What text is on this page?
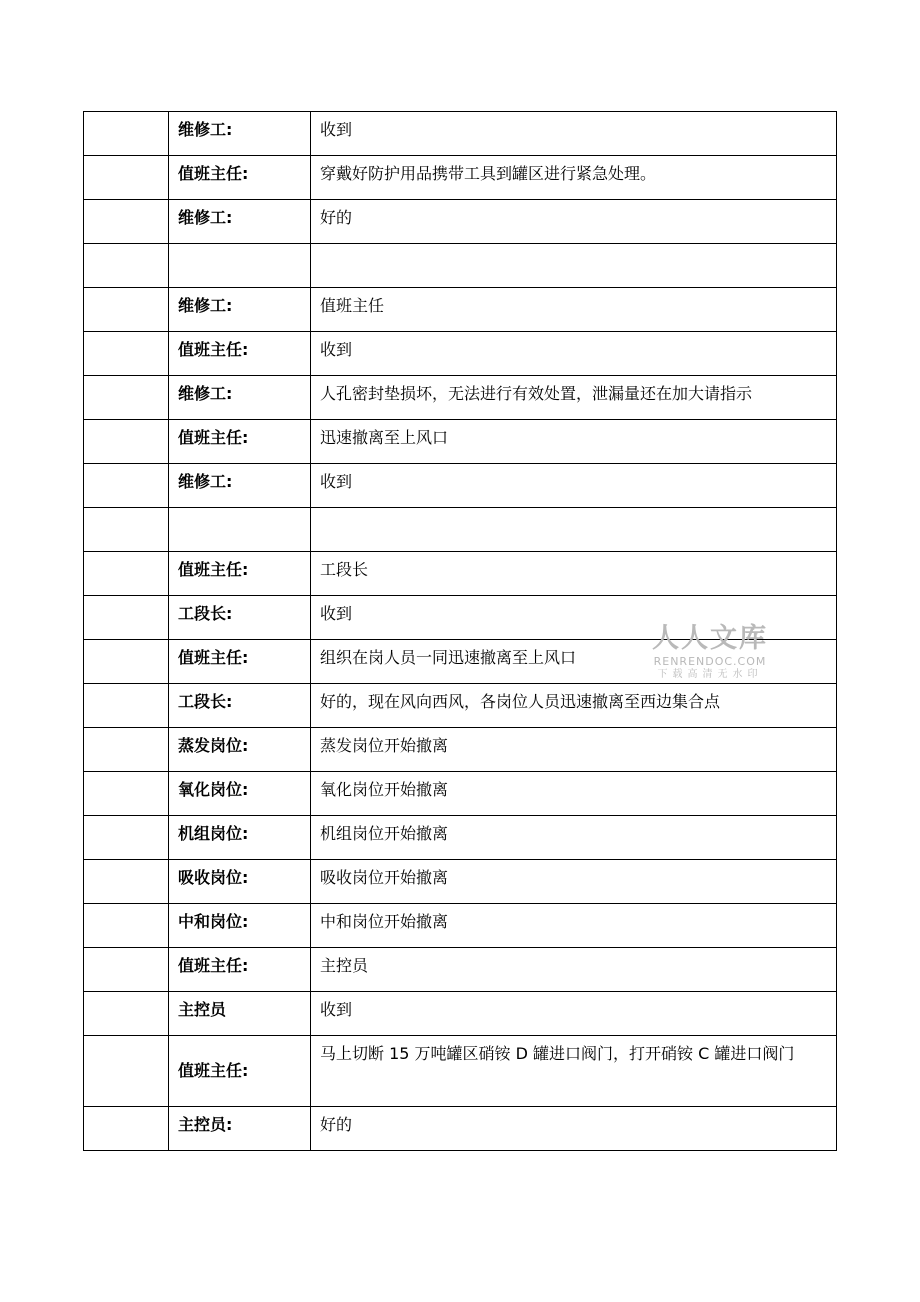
	维修工:	收到
	值班主任:	穿戴好防护用品携带工具到罐区进行紧急处理。
	维修工:	好的

	维修工:	值班主任
	值班主任:	收到
	维修工:	人孔密封垫损坏，无法进行有效处置，泄漏量还在加大请指示
	值班主任:	迅速撤离至上风口
	维修工:	收到

	值班主任:	工段长
	工段长:	收到
	值班主任:	组织在岗人员一同迅速撤离至上风口
	工段长:	好的，现在风向西风，各岗位人员迅速撤离至西边集合点
	蒸发岗位:	蒸发岗位开始撤离
	氧化岗位:	氧化岗位开始撤离
	机组岗位:	机组岗位开始撤离
	吸收岗位:	吸收岗位开始撤离
	中和岗位:	中和岗位开始撤离
	值班主任:	主控员
	主控员	收到
	值班主任:	马上切断 15 万吨罐区硝铵 D 罐进口阀门，打开硝铵 C 罐进口阀门
	主控员:	好的
人人文库
RENRENDOC.COM
下载高清无水印
